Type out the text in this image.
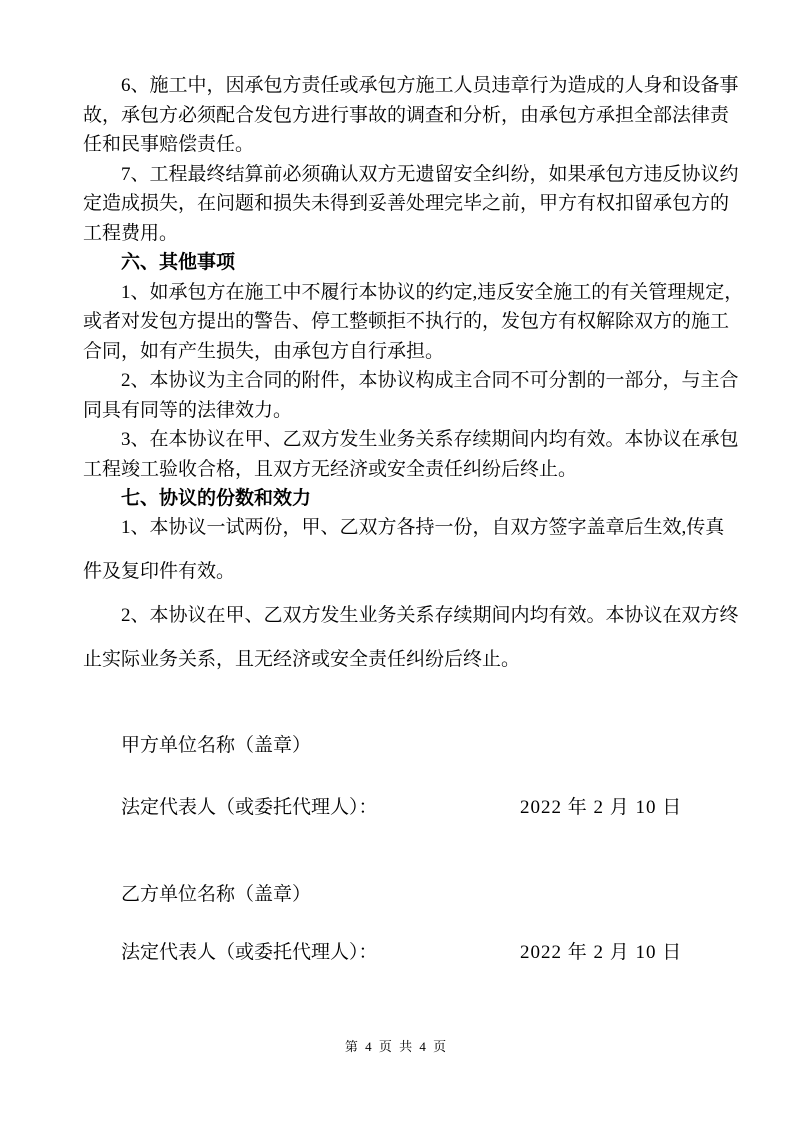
6、施工中，因承包方责任或承包方施工人员违章行为造成的人身和设备事
故，承包方必须配合发包方进行事故的调查和分析，由承包方承担全部法律责
任和民事赔偿责任。
7、工程最终结算前必须确认双方无遗留安全纠纷，如果承包方违反协议约
定造成损失，在问题和损失未得到妥善处理完毕之前，甲方有权扣留承包方的
工程费用。
六、其他事项
1、如承包方在施工中不履行本协议的约定,违反安全施工的有关管理规定，
或者对发包方提出的警告、停工整顿拒不执行的，发包方有权解除双方的施工
合同，如有产生损失，由承包方自行承担。
2、本协议为主合同的附件，本协议构成主合同不可分割的一部分，与主合
同具有同等的法律效力。
3、在本协议在甲、乙双方发生业务关系存续期间内均有效。本协议在承包
工程竣工验收合格，且双方无经济或安全责任纠纷后终止。
七、协议的份数和效力
1、本协议一试两份，甲、乙双方各持一份，自双方签字盖章后生效,传真
件及复印件有效。
2、本协议在甲、乙双方发生业务关系存续期间内均有效。本协议在双方终
止实际业务关系，且无经济或安全责任纠纷后终止。
甲方单位名称（盖章）
法定代表人（或委托代理人）：	2022 年 2 月 10 日
乙方单位名称（盖章）
法定代表人（或委托代理人）：	2022 年 2 月 10 日
第 4 页 共 4 页
